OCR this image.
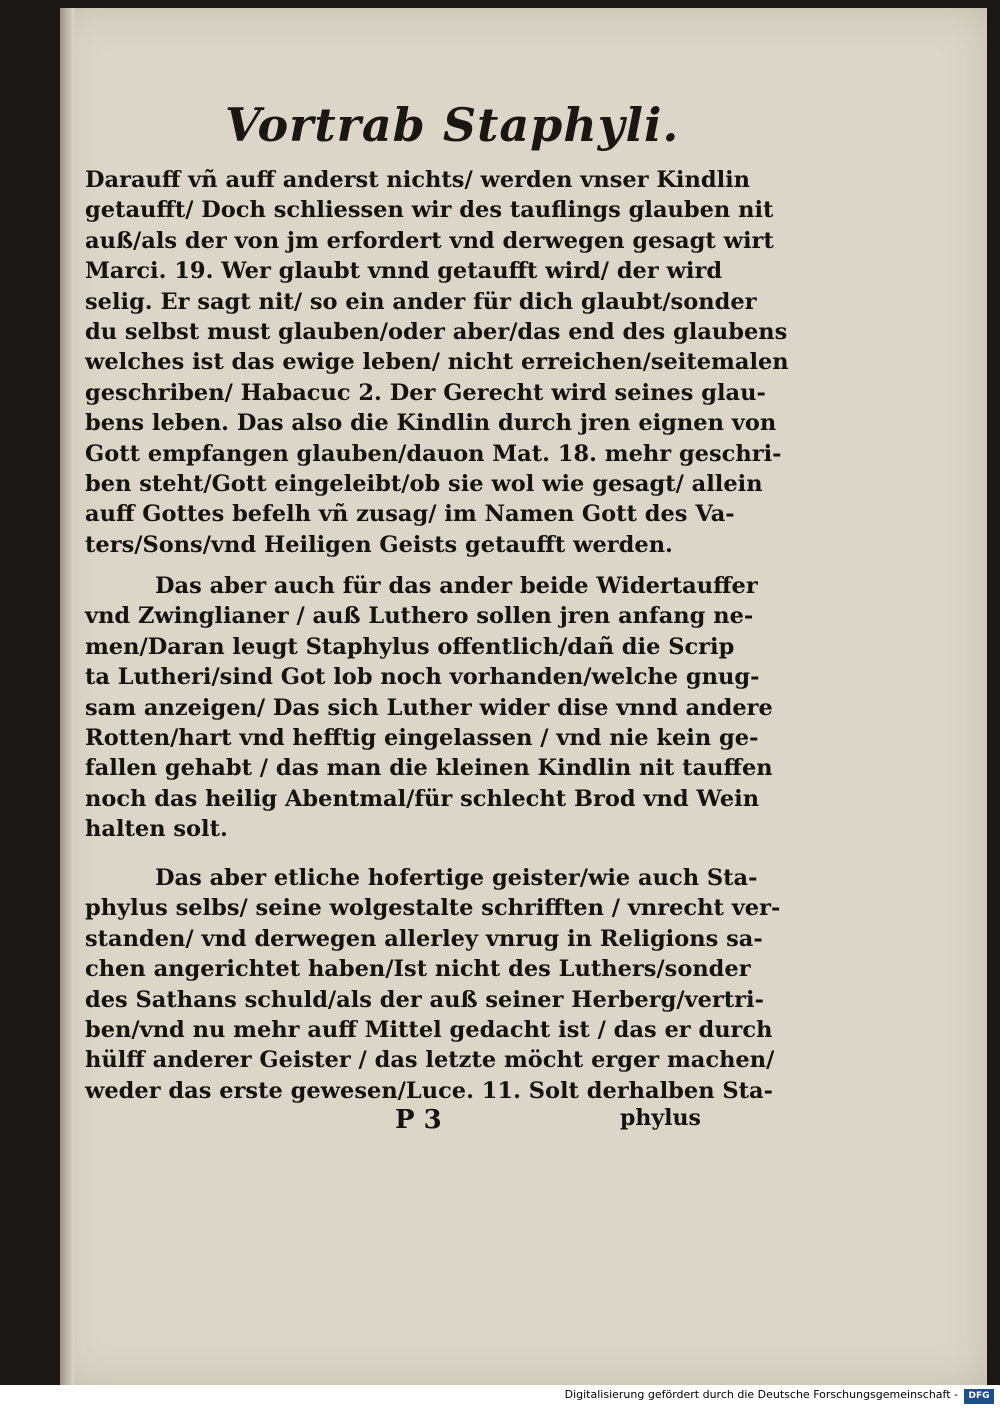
Vortrab Staphyli.
Darauff vñ auff anderst nichts/ werden vnser Kindlin
getaufft/ Doch schliessen wir des tauflings glauben nit
auß/als der von jm erfordert vnd derwegen gesagt wirt
Marci. 19. Wer glaubt vnnd getaufft wird/ der wird
selig. Er sagt nit/ so ein ander für dich glaubt/sonder
du selbst must glauben/oder aber/das end des glaubens
welches ist das ewige leben/ nicht erreichen/seitemalen
geschriben/ Habacuc 2. Der Gerecht wird seines glau-
bens leben. Das also die Kindlin durch jren eignen von
Gott empfangen glauben/dauon Mat. 18. mehr geschri-
ben steht/Gott eingeleibt/ob sie wol wie gesagt/ allein
auff Gottes befelh vñ zusag/ im Namen Gott des Va-
ters/Sons/vnd Heiligen Geists getaufft werden.
Das aber auch für das ander beide Widertauffer
vnd Zwinglianer / auß Luthero sollen jren anfang ne-
men/Daran leugt Staphylus offentlich/dañ die Scrip
ta Lutheri/sind Got lob noch vorhanden/welche gnug-
sam anzeigen/ Das sich Luther wider dise vnnd andere
Rotten/hart vnd hefftig eingelassen / vnd nie kein ge-
fallen gehabt / das man die kleinen Kindlin nit tauffen
noch das heilig Abentmal/für schlecht Brod vnd Wein
halten solt.
Das aber etliche hofertige geister/wie auch Sta-
phylus selbs/ seine wolgestalte schrifften / vnrecht ver-
standen/ vnd derwegen allerley vnrug in Religions sa-
chen angerichtet haben/Ist nicht des Luthers/sonder
des Sathans schuld/als der auß seiner Herberg/vertri-
ben/vnd nu mehr auff Mittel gedacht ist / das er durch
hülff anderer Geister / das letzte möcht erger machen/
weder das erste gewesen/Luce. 11. Solt derhalben Sta-
P 3	phylus
Digitalisierung gefördert durch die Deutsche Forschungsgemeinschaft -	DFG
